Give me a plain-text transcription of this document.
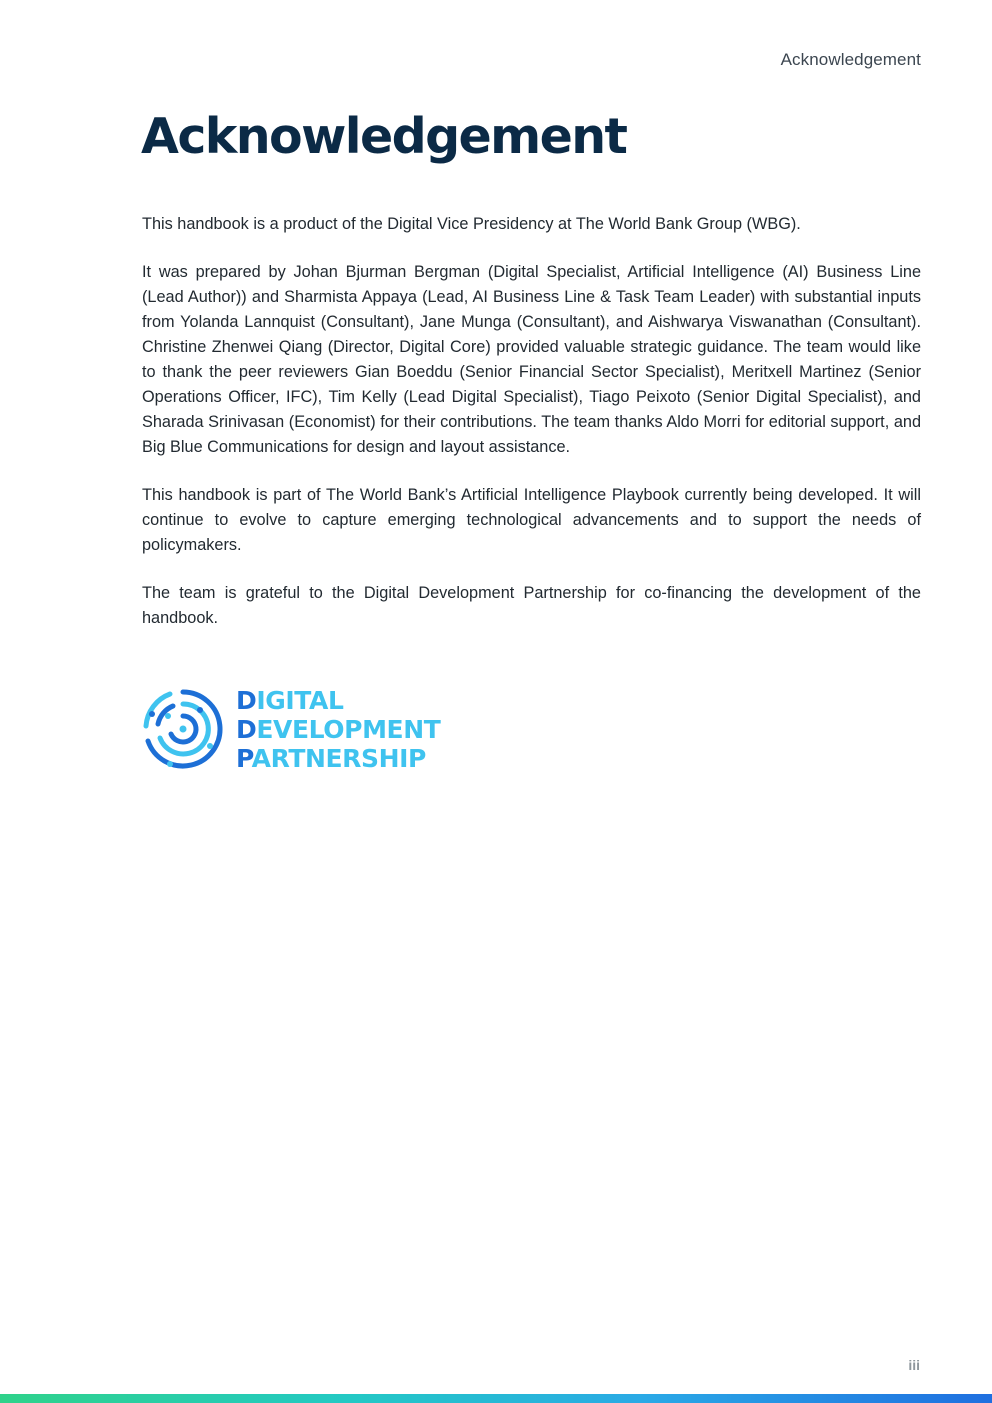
Acknowledgement
Acknowledgement

This handbook is a product of the Digital Vice Presidency at The World Bank Group (WBG).

It was prepared by Johan Bjurman Bergman (Digital Specialist, Artificial Intelligence (AI) Business Line (Lead Author)) and Sharmista Appaya (Lead, AI Business Line & Task Team Leader) with substantial inputs from Yolanda Lannquist (Consultant), Jane Munga (Consultant), and Aishwarya Viswanathan (Consultant). Christine Zhenwei Qiang (Director, Digital Core) provided valuable strategic guidance. The team would like to thank the peer reviewers Gian Boeddu (Senior Financial Sector Specialist), Meritxell Martinez (Senior Operations Officer, IFC), Tim Kelly (Lead Digital Specialist), Tiago Peixoto (Senior Digital Specialist), and Sharada Srinivasan (Economist) for their contributions. The team thanks Aldo Morri for editorial support, and Big Blue Communications for design and layout assistance.

This handbook is part of The World Bank’s Artificial Intelligence Playbook currently being developed. It will continue to evolve to capture emerging technological advancements and to support the needs of policymakers.

The team is grateful to the Digital Development Partnership for co-financing the development of the handbook.

DIGITAL
DEVELOPMENT
PARTNERSHIP
iii
